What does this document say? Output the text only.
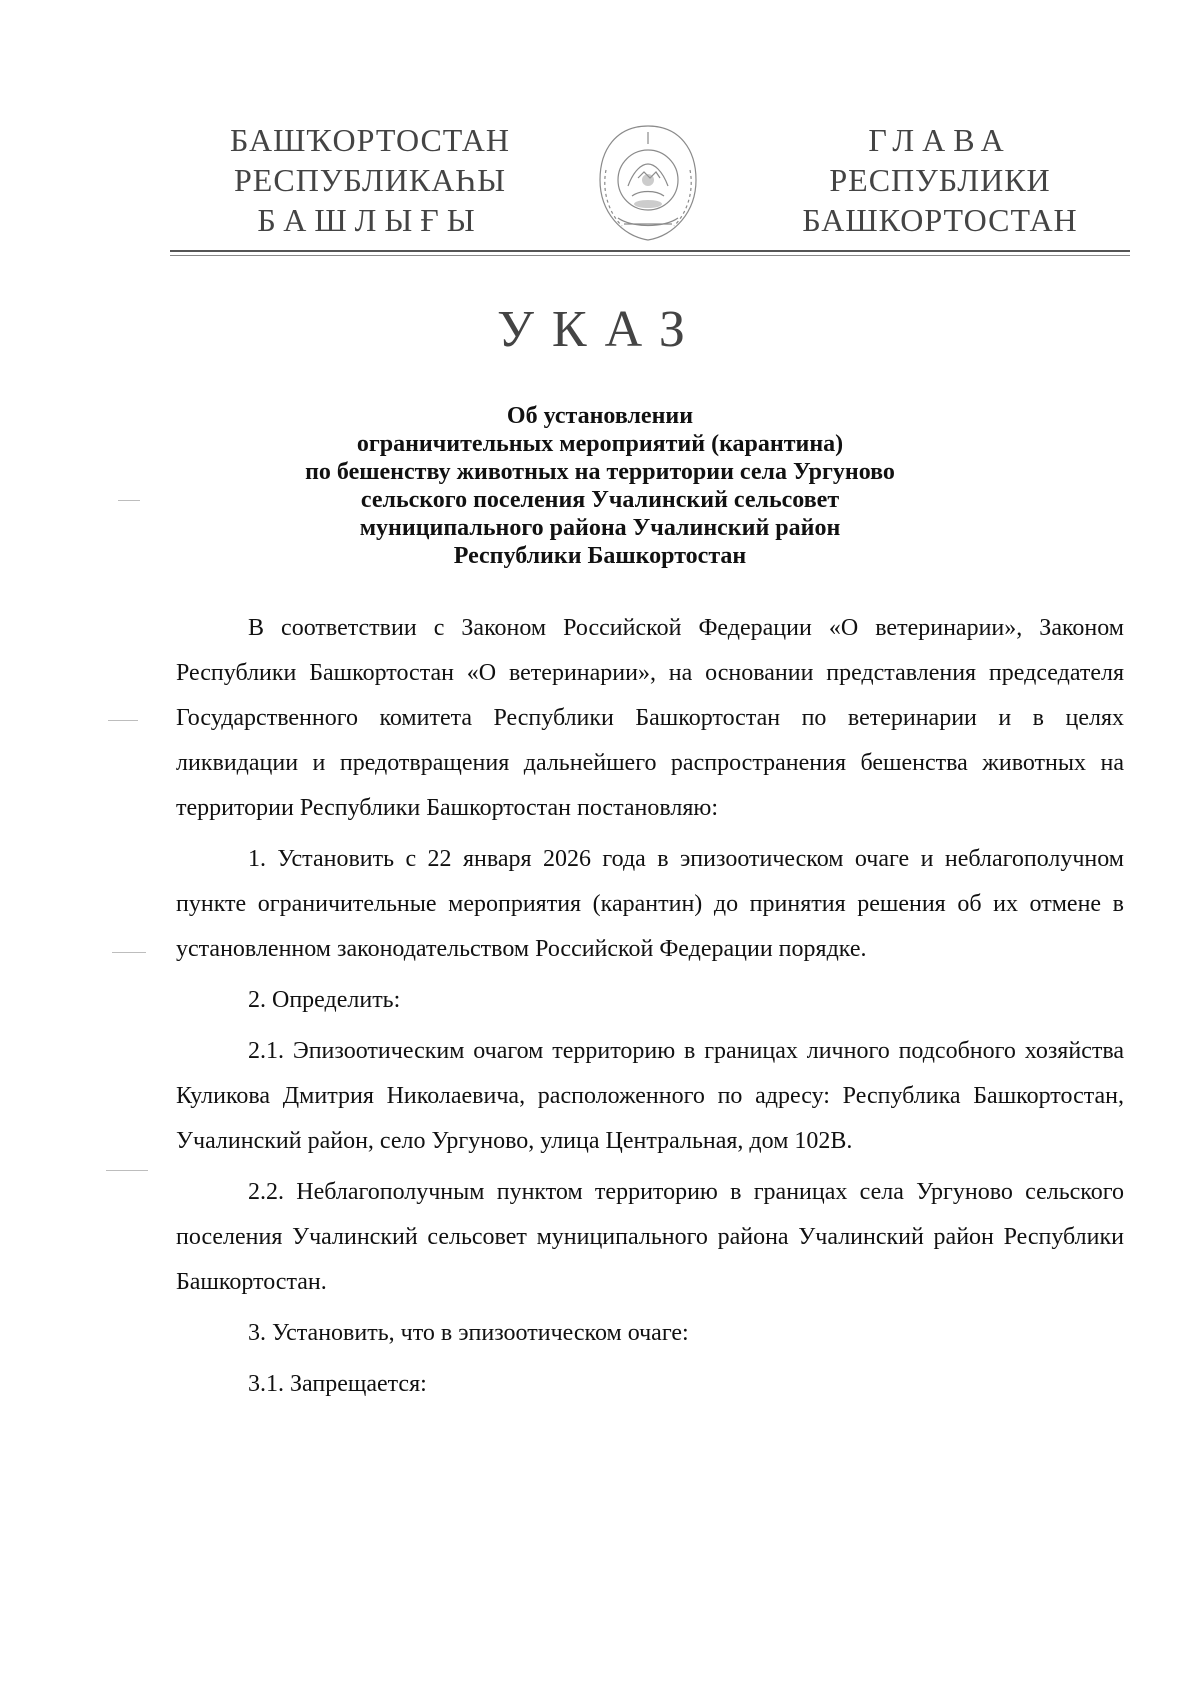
БАШҠОРТОСТАН
РЕСПУБЛИКАҺЫ
БАШЛЫҒЫ
ГЛАВА
РЕСПУБЛИКИ
БАШКОРТОСТАН
УКАЗ
Об установлении
ограничительных мероприятий (карантина)
по бешенству животных на территории села Ургуново
сельского поселения Учалинский сельсовет
муниципального района Учалинский район
Республики Башкортостан

В соответствии с Законом Российской Федерации «О ветеринарии», Законом Республики Башкортостан «О ветеринарии», на основании представления председателя Государственного комитета Республики Башкортостан по ветеринарии и в целях ликвидации и предотвращения дальнейшего распространения бешенства животных на территории Республики Башкортостан постановляю:

1. Установить с 22 января 2026 года в эпизоотическом очаге и неблагополучном пункте ограничительные мероприятия (карантин) до принятия решения об их отмене в установленном законодательством Российской Федерации порядке.

2. Определить:

2.1. Эпизоотическим очагом территорию в границах личного подсобного хозяйства Куликова Дмитрия Николаевича, расположенного по адресу: Республика Башкортостан, Учалинский район, село Ургуново, улица Центральная, дом 102В.

2.2. Неблагополучным пунктом территорию в границах села Ургуново сельского поселения Учалинский сельсовет муниципального района Учалинский район Республики Башкортостан.

3. Установить, что в эпизоотическом очаге:

3.1. Запрещается:
